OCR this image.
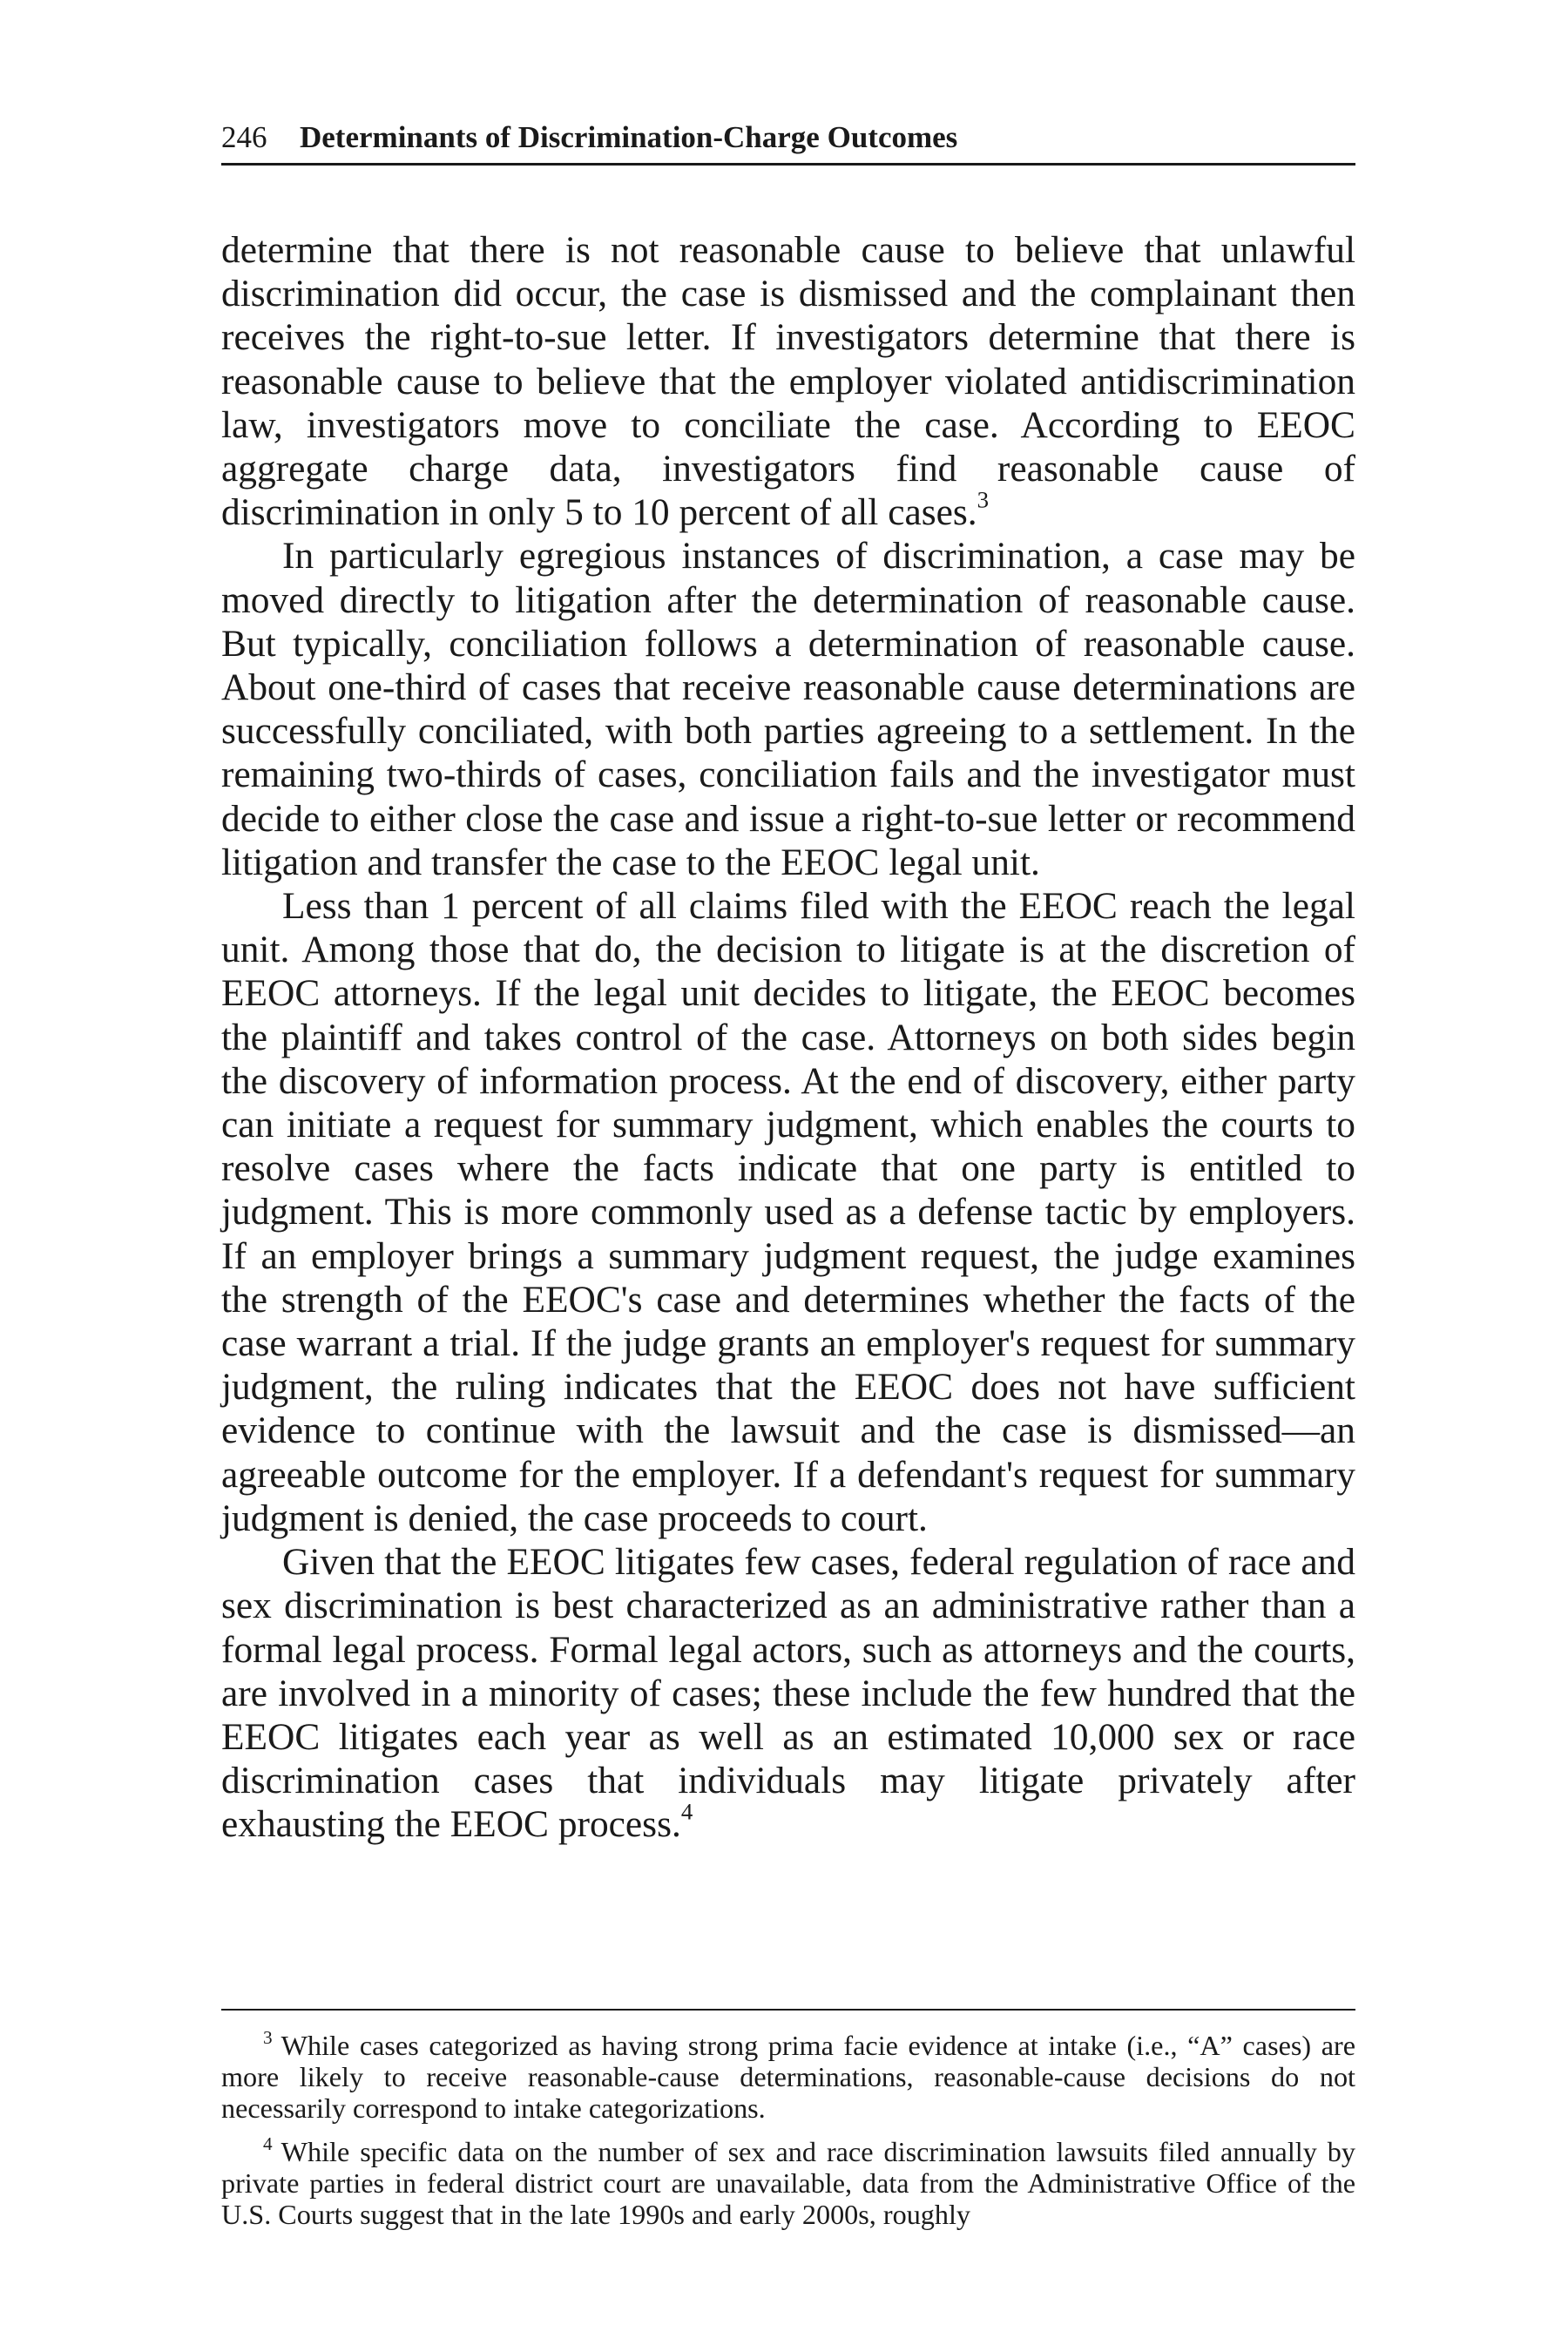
246 Determinants of Discrimination-Charge Outcomes

determine that there is not reasonable cause to believe that unlawful discrimination did occur, the case is dismissed and the complainant then receives the right-to-sue letter. If investigators determine that there is reasonable cause to believe that the employer violated antidiscrimination law, investigators move to conciliate the case. According to EEOC aggregate charge data, investigators find reasonable cause of discrimination in only 5 to 10 percent of all cases.$^3$

In particularly egregious instances of discrimination, a case may be moved directly to litigation after the determination of reasonable cause. But typically, conciliation follows a determination of reasonable cause. About one-third of cases that receive reasonable cause determinations are successfully conciliated, with both parties agreeing to a settlement. In the remaining two-thirds of cases, conciliation fails and the investigator must decide to either close the case and issue a right-to-sue letter or recommend litigation and transfer the case to the EEOC legal unit.

Less than 1 percent of all claims filed with the EEOC reach the legal unit. Among those that do, the decision to litigate is at the discretion of EEOC attorneys. If the legal unit decides to litigate, the EEOC becomes the plaintiff and takes control of the case. Attorneys on both sides begin the discovery of information process. At the end of discovery, either party can initiate a request for summary judgment, which enables the courts to resolve cases where the facts indicate that one party is entitled to judgment. This is more commonly used as a defense tactic by employers. If an employer brings a summary judgment request, the judge examines the strength of the EEOC's case and determines whether the facts of the case warrant a trial. If the judge grants an employer's request for summary judgment, the ruling indicates that the EEOC does not have sufficient evidence to continue with the lawsuit and the case is dismissed—an agreeable outcome for the employer. If a defendant's request for summary judgment is denied, the case proceeds to court.

Given that the EEOC litigates few cases, federal regulation of race and sex discrimination is best characterized as an administrative rather than a formal legal process. Formal legal actors, such as attorneys and the courts, are involved in a minority of cases; these include the few hundred that the EEOC litigates each year as well as an estimated 10,000 sex or race discrimination cases that individuals may litigate privately after exhausting the EEOC process.$^4$

$^3$ While cases categorized as having strong prima facie evidence at intake (i.e., “A” cases) are more likely to receive reasonable-cause determinations, reasonable-cause decisions do not necessarily correspond to intake categorizations.

$^4$ While specific data on the number of sex and race discrimination lawsuits filed annually by private parties in federal district court are unavailable, data from the Administrative Office of the U.S. Courts suggest that in the late 1990s and early 2000s, roughly
